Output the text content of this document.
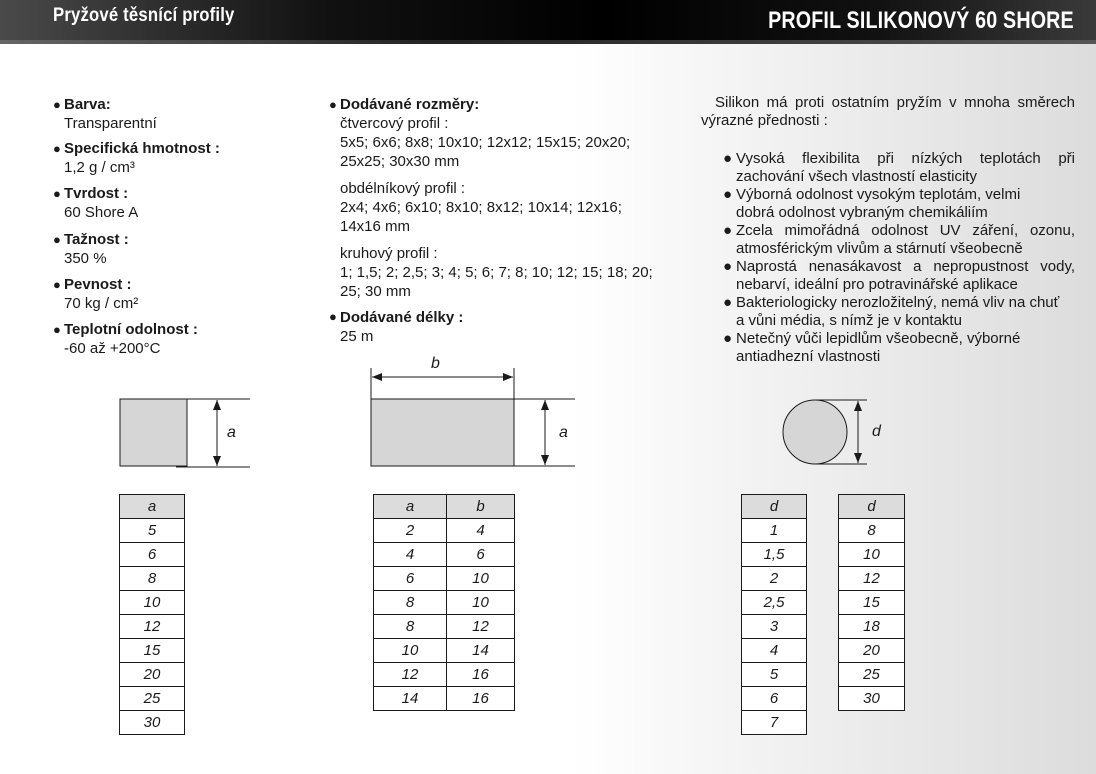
Pryžové těsnící profily	PROFIL SILIKONOVÝ 60 SHORE
● Barva:
Transparentní
● Specifická hmotnost :
1,2 g / cm³
● Tvrdost :
60 Shore A
● Tažnost :
350 %
● Pevnost :
70 kg / cm²
● Teplotní odolnost :
-60 až +200°C
● Dodávané rozměry:
čtvercový profil :
5x5; 6x6; 8x8; 10x10; 12x12; 15x15; 20x20;
25x25; 30x30 mm
obdélníkový profil :
2x4; 4x6; 6x10; 8x10; 8x12; 10x14; 12x16;
14x16 mm
kruhový profil :
1; 1,5; 2; 2,5; 3; 4; 5; 6; 7; 8; 10; 12; 15; 18; 20;
25; 30 mm
Dodávané délky :
25 m
●
Silikon má proti ostatním pryžím v mnoha směrech
výrazné přednosti :
● Vysoká flexibilita při nízkých teplotách při
zachování všech vlastností elasticity
● Výborná odolnost vysokým teplotám, velmi
dobrá odolnost vybraným chemikáliím
● Zcela mimořádná odolnost UV záření, ozonu,
atmosférickým vlivům a stárnutí všeobecně
● Naprostá nenasákavost a nepropustnost vody,
nebarví, ideální pro potravinářské aplikace
● Bakteriologicky nerozložitelný, nemá vliv na chuť
a vůni média, s nímž je v kontaktu
● Netečný vůči lepidlům všeobecně, výborné
antiadhezní vlastnosti
a
b
a	d
a
5
6
8
10
12
15
20
25
30
a	b
2	4
4	6
6	10
8	10
8	12
10	14
12	16
14	16
d
1
1,5
2
2,5
3
4
5
6
7
d
8
10
12
15
18
20
25
30
